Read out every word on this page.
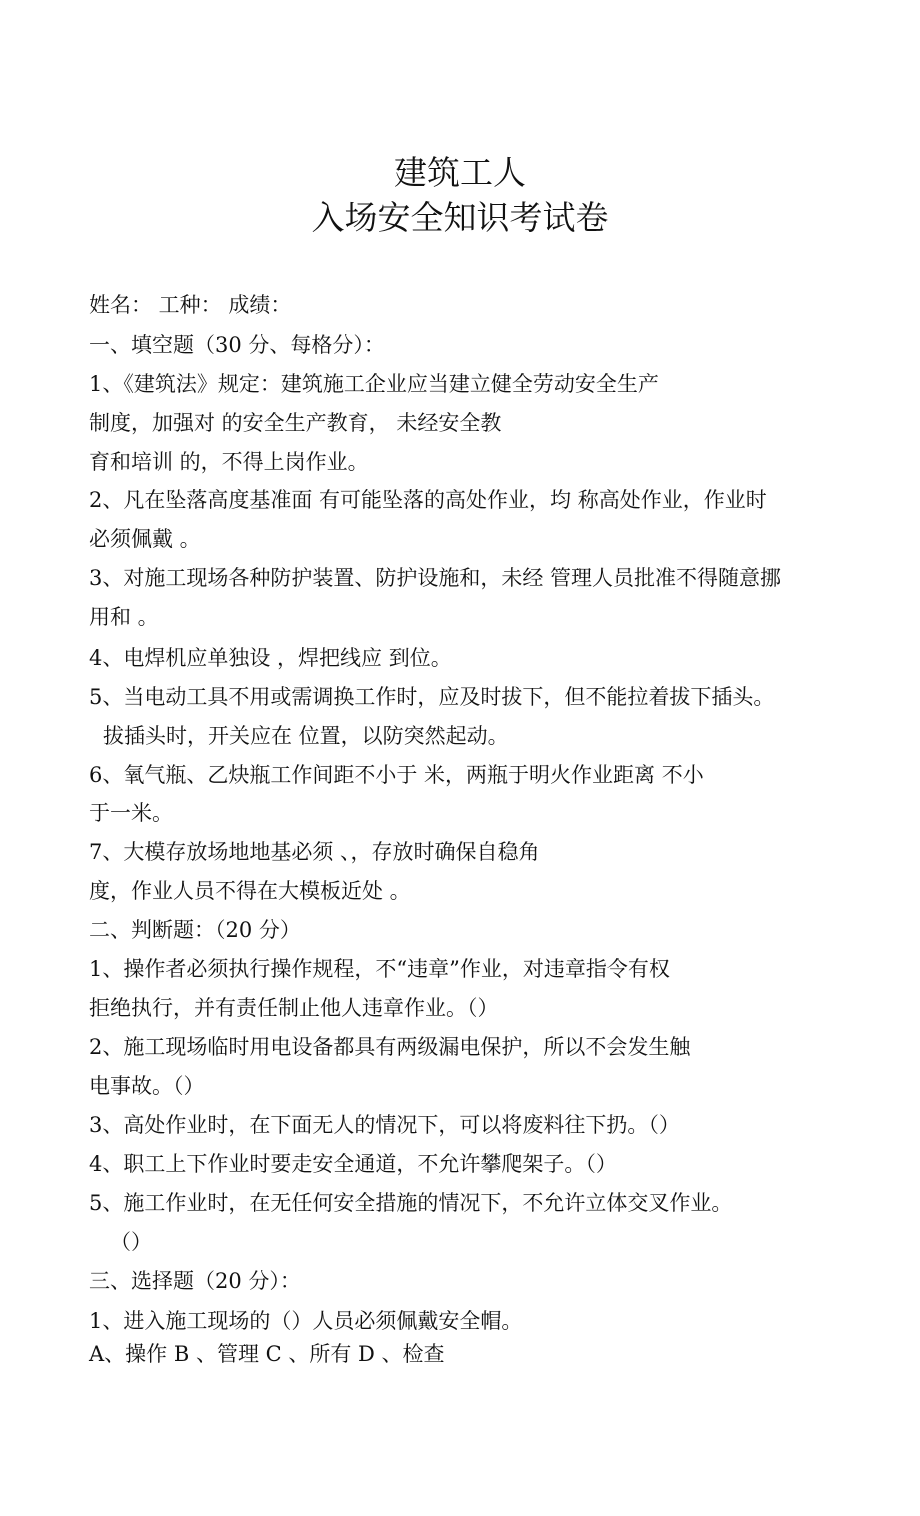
建筑工人
入场安全知识考试卷
姓名： 工种： 成绩：
一、填空题（30 分、每格分）：
1、《建筑法》规定：建筑施工企业应当建立健全劳动安全生产
制度，加强对 的安全生产教育， 未经安全教
育和培训 的，不得上岗作业。
2、凡在坠落高度基准面 有可能坠落的高处作业，均 称高处作业，作业时
必须佩戴 。
3、对施工现场各种防护装置、防护设施和，未经 管理人员批准不得随意挪
用和 。
4、电焊机应单独设 ，焊把线应 到位。
5、当电动工具不用或需调换工作时，应及时拔下，但不能拉着拔下插头。
拔插头时，开关应在 位置，以防突然起动。
6、氧气瓶、乙炔瓶工作间距不小于 米，两瓶于明火作业距离 不小
于一米。
7、大模存放场地地基必须 、，存放时确保自稳角
度，作业人员不得在大模板近处 。
二、判断题：（20 分）
1、操作者必须执行操作规程，不“违章”作业，对违章指令有权
拒绝执行，并有责任制止他人违章作业。（）
2、施工现场临时用电设备都具有两级漏电保护，所以不会发生触
电事故。（）
3、高处作业时，在下面无人的情况下，可以将废料往下扔。（）
4、职工上下作业时要走安全通道，不允许攀爬架子。（）
5、施工作业时，在无任何安全措施的情况下，不允许立体交叉作业。
（）
三、选择题（20 分）：
1、进入施工现场的（）人员必须佩戴安全帽。
A、操作 B 、管理 C 、所有 D 、检查
